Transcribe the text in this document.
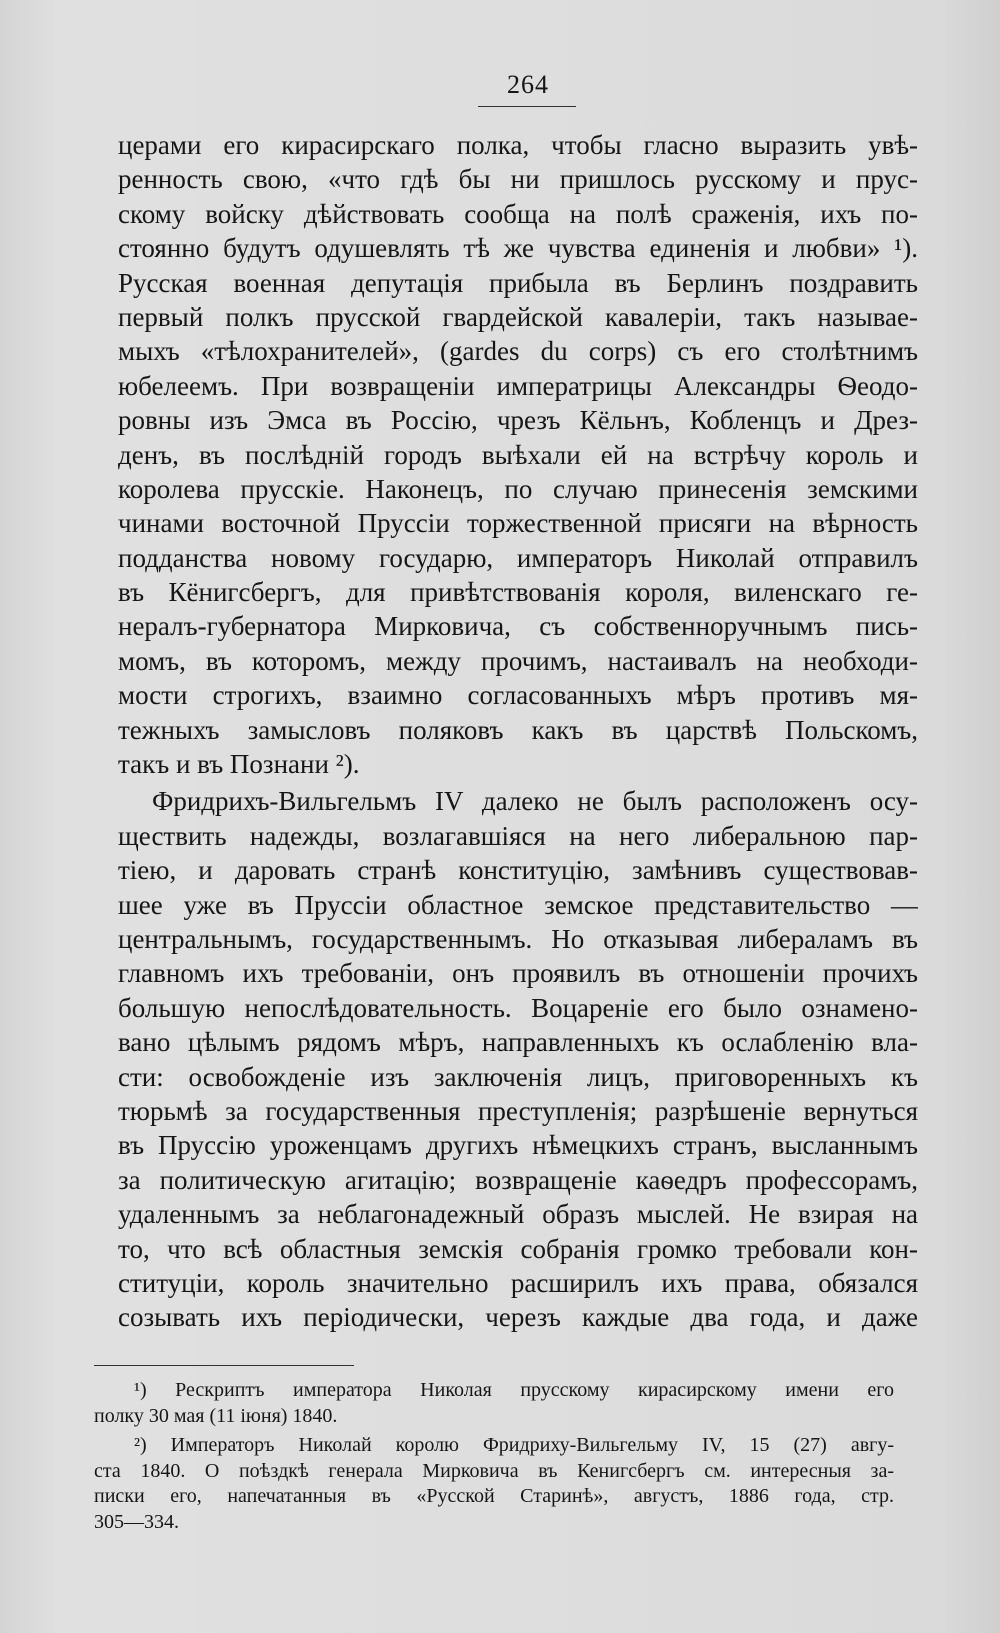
264
церами его кирасирскаго полка, чтобы гласно выразить увѣ-
ренность свою, «что гдѣ бы ни пришлось русскому и прус-
скому войску дѣйствовать сообща на полѣ сраженія, ихъ по-
стоянно будутъ одушевлять тѣ же чувства единенія и любви» ¹).
Русская военная депутація прибыла въ Берлинъ поздравить
первый полкъ прусской гвардейской кавалеріи, такъ называе-
мыхъ «тѣлохранителей», (gardes du corps) съ его столѣтнимъ
юбелеемъ. При возвращеніи императрицы Александры Ѳеодо-
ровны изъ Эмса въ Россію, чрезъ Кёльнъ, Кобленцъ и Дрез-
денъ, въ послѣдній городъ выѣхали ей на встрѣчу король и
королева прусскіе. Наконецъ, по случаю принесенія земскими
чинами восточной Пруссіи торжественной присяги на вѣрность
подданства новому государю, императоръ Николай отправилъ
въ Кёнигсбергъ, для привѣтствованія короля, виленскаго ге-
нералъ-губернатора Мирковича, съ собственноручнымъ пись-
момъ, въ которомъ, между прочимъ, настаивалъ на необходи-
мости строгихъ, взаимно согласованныхъ мѣръ противъ мя-
тежныхъ замысловъ поляковъ какъ въ царствѣ Польскомъ,
такъ и въ Познани ²).
Фридрихъ-Вильгельмъ IV далеко не былъ расположенъ осу-
ществить надежды, возлагавшіяся на него либеральною пар-
тіею, и даровать странѣ конституцію, замѣнивъ существовав-
шее уже въ Пруссіи областное земское представительство —
центральнымъ, государственнымъ. Но отказывая либераламъ въ
главномъ ихъ требованіи, онъ проявилъ въ отношеніи прочихъ
большую непослѣдовательность. Воцареніе его было ознамено-
вано цѣлымъ рядомъ мѣръ, направленныхъ къ ослабленію вла-
сти: освобожденіе изъ заключенія лицъ, приговоренныхъ къ
тюрьмѣ за государственныя преступленія; разрѣшеніе вернуться
въ Пруссію уроженцамъ другихъ нѣмецкихъ странъ, высланнымъ
за политическую агитацію; возвращеніе каѳедръ профессорамъ,
удаленнымъ за неблагонадежный образъ мыслей. Не взирая на
то, что всѣ областныя земскія собранія громко требовали кон-
ституціи, король значительно расширилъ ихъ права, обязался
созывать ихъ періодически, черезъ каждые два года, и даже
¹) Рескриптъ императора Николая прусскому кирасирскому имени его
полку 30 мая (11 іюня) 1840.
²) Императоръ Николай королю Фридриху-Вильгельму IV, 15 (27) авгу-
ста 1840. О поѣздкѣ генерала Мирковича въ Кенигсбергъ см. интересныя за-
писки его, напечатанныя въ «Русской Старинѣ», августъ, 1886 года, стр.
305—334.
